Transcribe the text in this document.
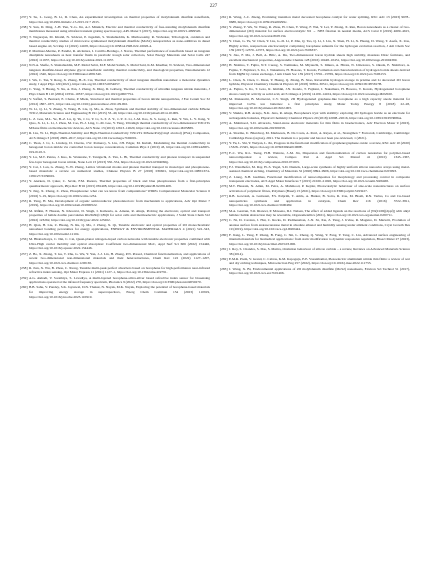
227

[237] Y. Su, L. Gong, B. Li, D. Chen, An experimental investigation on thermal properties of molybdenum disulfide nanofluids, https://doi.org/10.2991/mmebc-15.2015.19 7 2015.

[238] Y. Sun, D. Ding, J.-H. Yun, Y.-G. Jin, A.J. Minnich, Electric and thermal conductivity of free-standing molybdenum disulfide membranes measured using ultrafast transient grating spectroscopy, APL Mater 5 (2017), https://doi.org/10.1063/1.4999520.

[239] T. Nagarajan, M. Khalid, N. Sridewi, P. Jagadish, S. Shahabuddin, K. Muthoosamy, R. Walvekar, Tribological, oxidation and thermal conductivity studies of microwave synthesised molybdenum disulfide (MoS2) nanoparticles as nano-additives in diesel based engine oil, Sci Rep 12 (2022) 14108, https://doi.org/10.1038/s41598-022-16026-4.

[240] P. Martinez-Merino, P. Estellé, R. Alcántara, I. Carrillo-Berdugo, J. Navas, Thermal performance of nanofluids based on tungsten disulphide nanosheets as heat transfer fluids in parabolic trough solar collectors, Solar Energy Materials and Solar Cells 247 (2022) 111937, https://doi.org/10.1016/j.solmat.2022.111937.

[241] N.N.A. Shafie, S. Shahabuddin, M.F. Mohd Sabri, M.F. Mohd Salleh, S. Mohd Said, K.M. Khedher, N. Sridewi, Two-dimensional tungsten disulfide-based ethylene glycol nanofluids: stability, thermal conductivity, and rheological properties, Nanomaterials 12 (2022) 1340, https://doi.org/10.3390/nano12081340.

[242] J. Wu, C. Tan, Y. Rong, X. Zhang, H.-X. Cai, Thermal conductivity of short tungsten disulfide nanotubes: a molecular dynamics study, J Appl Phys 129 (2021), https://doi.org/10.1063/5.0054657.

[243] C. Yang, T. Huang, Y. Xu, A. Pan, J. Zhang, X. Ding, D. Golberg, Thermal conductivity of ultrathin tungsten nitride materials, J Phys Chem B 110 (2004) 10334–10337, https://doi.org/10.1021/jp0607754.

[244] V. Saffari, S. Bernard, E. Chaire, P. Miele, Structural and thermal properties of boron nitride nanoparticles, J Eur Ceram Soc 32 (2012) 1867–1871, https://doi.org/10.1016/j.jeurceramsoc.2011.09.002.

[245] W. Li, Q. Li, Y. Zheng, Y. Wang, B. Liu, Q. Ma, A. Zhou, Synthesis and thermal stability of two-dimensional carbide MXene Ti3C2, Materials Science and Engineering B 191 (2015) 33–40, https://doi.org/10.1016/j.mseb.2014.10.009.

[246] L. Z. Gou, M.L. Ye, B.-Z. Lu, Q. Yu, J. Li, Y. Li, S.-T. Z. Y., J.-Y. Z. Li, J.-M. Jiao, X. S. Gong, L. Ren, Y. Wu, L. Y. Jiang, Y. Qiao, X. Li, L. Li, J. Zhou, M. Cao, H.-J. Ling, C.-M. Gao, Y. Yang, Ultrahigh thermal conductivity of two-dimensional Ti3C2Tx MXene films on thermoelectric devices, ACS Nano 13 (2019) 12613–12620, https://doi.org/10.1021/acsnano.9b05889.

[247] R. Liu, W. Li, High-Thermal-Stability and High-Thermal-Conductivity Ti3C2Tx MXene/Poly(vinyl alcohol) (PVA) Composites, ACS Omega 3 (2018) 2609–2617, https://doi.org/10.1021/acsomega.7b02001.

[248] C. Yuan, J. Li, L. Lindsay, D. Cherns, J.W. Pomeroy, S. Liu, J.H. Edgar, M. Kuball, Modulating the thermal conductivity in hexagonal boron nitride via controlled boron isotope concentration, Commun Phys 2 (2019) 43, https://doi.org/10.1038/s42005-019-0145-5.

[249] Y. Lu, M.T. Petrus, J. Kuo, K. Watanabe, T. Taniguchi, Z. Yan, L. Bi, Thermal conductivity and phonon transport in suspended few-layer hexagonal boron nitride, Nano Lett 13 (2013) 550–554, https://doi.org/10.1021/nl304060g.

[250] Y. Cai, J. Lan, G. Zhang, Y.-W. Zhang, Lattice vibrational modes and phonon thermal transport in monolayer and phosphorene-based materials: a review on numerical studies, Chinese Physics B 27 (2018) 036601, https://doi.org/10.1088/1674-1056/27/3/036601.

[251] Y. Aierken, D. Çakır, C. Sevik, F.M. Peeters, Thermal properties of black and blue phosphorenes from a first-principles quasiharmonic approach, Phys Rev B 92 (2015) 081408, https://doi.org/10.1103/PhysRevB.92.081408.

[252] Y. Jing, X. Zhang, Z. Zhou, Phosphorene: what can we know from computations? WIREs Computational Molecular Science 6 (2016) 5–19, https://doi.org/10.1002/wcms.1234.

[253] R. Yang, H. Mu, Development of organic semiconductor photodetectors: from mechanism to applications, Adv Opt Mater 7 (2019), https://doi.org/10.1002/adom.201800522.

[254] M. Rifkin, F. Hassan, N. Khosravi, D. Singh, I. Kamoula, A. Ainane, R. Ahuja, Probing the electronic, optical and transport properties of halide double perovskites Rb2InSb(Cl,Br)6 for solar cells and thermoelectric applications, J Solid State Chem 312 (2022) 123262, https://doi.org/10.1016/j.jssc.2022.123262.

[255] H. Qian, H. Liu, Z. Huang, N. Ru, Q. Ma, J. Zhang, X. Qi, Tunable electronic and optical properties of 2D monochromatic nanosheet bonding perovskites for energy applications, ENERGY & ENVIRONMENTAL MATERIALS 4 (2021) 522–543, https://doi.org/10.1002/eem2.12104.

[256] M. Bhattacharya, C. Dai, C. Cai, Quasi-planar nitrogen-doped carbon networks with tunable electronic properties combined with Ultra-High carrier mobility and optical absorption: Coefficient two-dimensional MoC, Appl Surf Sci 606 (2022) 154446, https://doi.org/10.1016/j.apsusc.2022.154446.

[257] Z. Bo, X. Zhang, T. Gu, T. Zhu, G. Wu, Y. Yan, J.-J. Lin, H. Zheng, P.N. Prasad, Chemical functionalization, and applications of recent two-dimensional non-dimensional materials and their heterostructures, Chem Rev 122 (2022) 1127–1207, https://doi.org/10.1021/acs.chemrev.1c00165.

[258] R. Jian, X. Wu, B. Zhou, C. Xiong, Tunable multi-peak perfect absorbers based on borophene for high-performance near-infrared refractive index sensing, Opt Mater Express 11 (2021) 1127–1, https://doi.org/10.1364/ome.419791.

[259] A.G. Akhadi, V. Sorathiya, S. Lavadiya, A multi-layered borophene-silica-silver based refractive index sensor for biosensing applications operated at the infrared frequency spectrum, Photonics 9 (2022) 270, https://doi.org/10.3390/photonics9050270.

[260] B.B. Sahu, V. Pandey, S.K. Jayaswal, D.N. Thakur, N. Nayak, M.K. Nayak, Exploring the potential of borophene-based materials for improving energy storage in supercapacitors, Energ Chem Commun 154 (2023) 110919, https://doi.org/10.1016/j.inoche.2023.110919.

[261] R. Wang, J.-C. Zheng, Promising transition metal decorated borophene catalyst for water splitting, RSC Adv 13 (2023) 9678–9688, https://doi.org/10.1039/d3ra00299c.

[262] Y. Zhang, Y. Wu, W. Wang, R. Zhou, H. Chen, Y. Wang, F. Wei, Y. Lei, Y. Zhang, X. Ren, Boron nanosheets as a clearer of two-dimensional (2D) material for surface electrocatalytic N2 → NH3 fixation in neutral media, ACS Catal 9 (2019) 4609–4615, https://doi.org/10.1021/acscatal.8b05134.

[263] Y. Chen, G. Yu, W. Chen, Y. Liu, G.-D. Li, P. Zhu, Q. Tao, Q. Li, J. Liu, X. Shen, H. Li, X. Huang, D. Wang, T. Asefa, X. Zou, Highly active, nonprecious electrocatalyst comprising borophene subunits for the hydrogen evolution reaction, J Am Chem Soc 139 (2017) 12370–12373, https://doi.org/10.1021/jacs.7b06337.

[264] Y. Jiao, F. Ma, J. Bell, A. Bilic, A. Du, Two-dimensional boron hydride sheets high stability, massless Dirac fermions, and excellent mechanical properties, Angewandte Chemie 128 (2016) 10448–10451, https://doi.org/10.1002/ange.201604369.

[265] H. Nishino, T. Fujita, N.T. Cuong, S. Tominaka, M. Miyauchi, S. Iimura, A. Hirata, N. Umezawa, S. Okada, E. Nishibori, A. Fujino, T. Fujimori, S. Ito, J. Nakamura, H. Hosono, T. Kondo, Formation and characterization of hydrogen boride sheets derived from MgB2 by cation exchange, J Am Chem Soc 139 (2017) 13761–13769, https://doi.org/10.1021/jacs.7b06153.

[266] L. Chen, X. Chen, C. Duan, Y. Huang, Q. Zhang, B. Xiao, Reversible hydrogen storage in pristine and Li decorated 2D boron hydride, Physical Chemistry Chemical Physics 20 (2018) 30304–30311, https://doi.org/10.1039/C8CP05817B.

[267] A. Fujino, S. Ito, T. Goto, R. Ishibiki, J.N. Kondo, T. Fujitani, J. Nakamura, H. Hosono, T. Kondo, Hydrogenated borophene shows catalytic activity as solid acid, ACS Omega 4 (2019) 14100–14104, https://doi.org/10.1021/acsomega.9b02020.

[268] M. Makaremi, B. Mortazavi, C.V. Singh, 2D Hydrogenated graphene-like borophene as a high capacity anode material for improved Li/Na ion batteries: a first principles study, Mater Today Energy 8 (2018) 22–28, https://doi.org/10.1016/j.mtener.2018.02.003.

[269] V. Shukla, R.H. Araujo, N.K. Jena, R. Ahuja, Borophene's tryst with stability: exploring 2D hydrogen boride as an electrode for rechargeable batteries, Physical Chemistry Chemical Physics 20 (2018) 22008–22016, https://doi.org/10.1039/C8CP03686A.

[270] A. Mahmood, S.D. Alvarado, Stand-alone electronic materials for thin films in bioelectronics, Adv Electron Mater 9 (2023), https://doi.org/10.1002/aelm.202300258.

[271] A. Sharma, U. Bhardwaj, M. Marinescu, B. Da Costa, A. Perri, A. Reyes, et al., Strengthen + Fornaroli, Cambridge, Cambridge: Cambridge Press (region), 2021. The moment is a popular and has not been pre-reviewed, 1 (2021).

[272] Y. Yu, L. Shi, Y. Weiyan, L. Jin, Progress in the functional modification of graphene/graphene oxide: a review, RSC Adv 10 (2020) 15328–15345, https://doi.org/10.1039/D0RA01068E.

[273] F.-C. Wu, R.L. Tseng, H.H. Weinaw, J.-M. Jin, Dispersion and functionalization of carbon nanotubes for polymer-based nanocomposites: a review, Compos Part A Appl Sci Manuf 41 (2010) 1345–1367, https://doi.org/10.1016/j.compositesa.2010.07.003.

[274] F.J. Wandhofer, M. Ray, H.-S. Yagel, S.D. Daniels, Large-scale synthesis of highly uniform silicon nanowire arrays using metal-assisted chemical etching, Chemistry of Materials 32 (2020) 9894–9906, https://doi.org/10.1021/acs.chemmater.0c03093.

[275] Z. Liang, X.H. Gudmus, Functional modification of nanocomposites for morphology and processing control in composite transparent electrodes, ACS Appl Mater Interfaces 7 (2015) 21020–21026, https://doi.org/10.1021/acsami.5b06468.

[276] M.T. Hussain, N. Amin, M. Fetra, A. Mahmood, P. Kejdar, Photocatalytic behaviour of size-scale nanostructures on surface activation of polymeric fibres, Polymers (Basel) 13 (2021), https://doi.org/10.3390/polym13193227.

[277] R.B. Gowrash, A. Gunwant, F.S. Palprim, T. Amla, A. Hunter, B. Sotra, R. Zou, M. Bisali, R.N. Vertus, Co and Cu-based nanoparticles synthesis and application in catalysis, Chem Rev 116 (2016) 3722–3811, https://doi.org/10.1021/acs.chemrev.5b00482.

[278] M.A. Gestrun, T.O. Riancet, P. Mawena, D.J. Nelsen, The effect of added ligands on the reactions of [Ni(COD)(dppf)] with alkyl halides: halide abstraction may be reversible, Organometallics (2021), https://doi.org/10.1021/acs.organomet.0c00711.

[279] C. Ni, D. Carolan, J. Hui, C. Rocks, D. Padmanaban, J.-N. Xi, Xie, Z. Yang, J. Irvine, R. Maguire, D. Mariotti, Evolution of anatase surface from anatase/anatase metal in absolute ethanol and humidity sensing under ambient conditions, Cryst Growth Des 19 (2019), https://doi.org/10.1021/acs.cgd.9b00444.

[280] F. Jiang, L. Yang, F. Zhang, B. Fang, C. Shi, L. Zheng, Q. Wang, Y. Fang, Y. Tang, C. Liu, Advanced surface engineering of titanium materials for biomedical applications: from static modification to dynamic responsive regulation, Bioact Mater 27 (2023), https://doi.org/10.1016/j.bioactmat.2023.03.006.

[281] J. Roy, S. Chandra, S. Das, S. Maitra, Oxidation behaviour of silicon carbide – a review, Reviews on Advanced Materials Science 38 (2014).

[282] E.M.R. Prem, V. Grand, C. Cabras, K.M. Kapoguja, E.E. Vasanthamai, Piezoelectric aluminium nitride thin films: a review of wet and dry etching techniques, Microelectron Eng 257 (2022), https://doi.org/10.1016/j.mee.2022.111753.

[283] J. Wang, X. Bi, Environmental applications of 2D molybdenum disulfide (MoS2) nanosheets, Environ Sci Technol 51 (2017), https://doi.org/10.1021/acs.est.7b01466.
